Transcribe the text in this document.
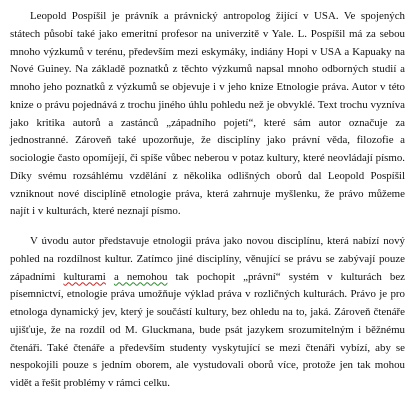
Leopold Pospíšil je právník a právnický antropolog žijící v USA. Ve spojených státech působí také jako emeritní profesor na univerzitě v Yale. L. Pospíšil má za sebou mnoho výzkumů v terénu, především mezi eskymáky, indiány Hopi v USA a Kapuaky na Nové Guiney. Na základě poznatků z těchto výzkumů napsal mnoho odborných studií a mnoho jeho poznatků z výzkumů se objevuje i v jeho knize Etnologie práva. Autor v této knize o právu pojednává z trochu jiného úhlu pohledu než je obvyklé. Text trochu vyzníva jako kritika autorů a zastánců „západního pojetí“, které sám autor označuje za jednostranné. Zároveň také upozorňuje, že disciplíny jako právní věda, filozofie a sociologie často opomíjejí, či spíše vůbec neberou v potaz kultury, které neovládají písmo. Díky svému rozsáhlému vzdělání z několika odlišných oborů dal Leopold Pospíšil vzniknout nové disciplíně etnologie práva, která zahrnuje myšlenku, že právo můžeme najít i v kulturách, které neznají písmo.

V úvodu autor představuje etnologii práva jako novou disciplínu, která nabízí nový pohled na rozdílnost kultur. Zatímco jiné disciplíny, věnující se právu se zabývají pouze západními kulturami a nemohou tak pochopit „právní“ systém v kulturách bez písemnictví, etnologie práva umožňuje výklad práva v rozličných kulturách. Právo je pro etnologa dynamický jev, který je součástí kultury, bez ohledu na to, jaká. Zároveň čtenáře ujišťuje, že na rozdíl od M. Gluckmana, bude psát jazykem srozumitelným i běžnému čtenáři. Také čtenáře a především studenty vyskytující se mezi čtenáři vybízí, aby se nespokojili pouze s jedním oborem, ale vystudovali oborů více, protože jen tak mohou vidět a řešit problémy v rámci celku.
